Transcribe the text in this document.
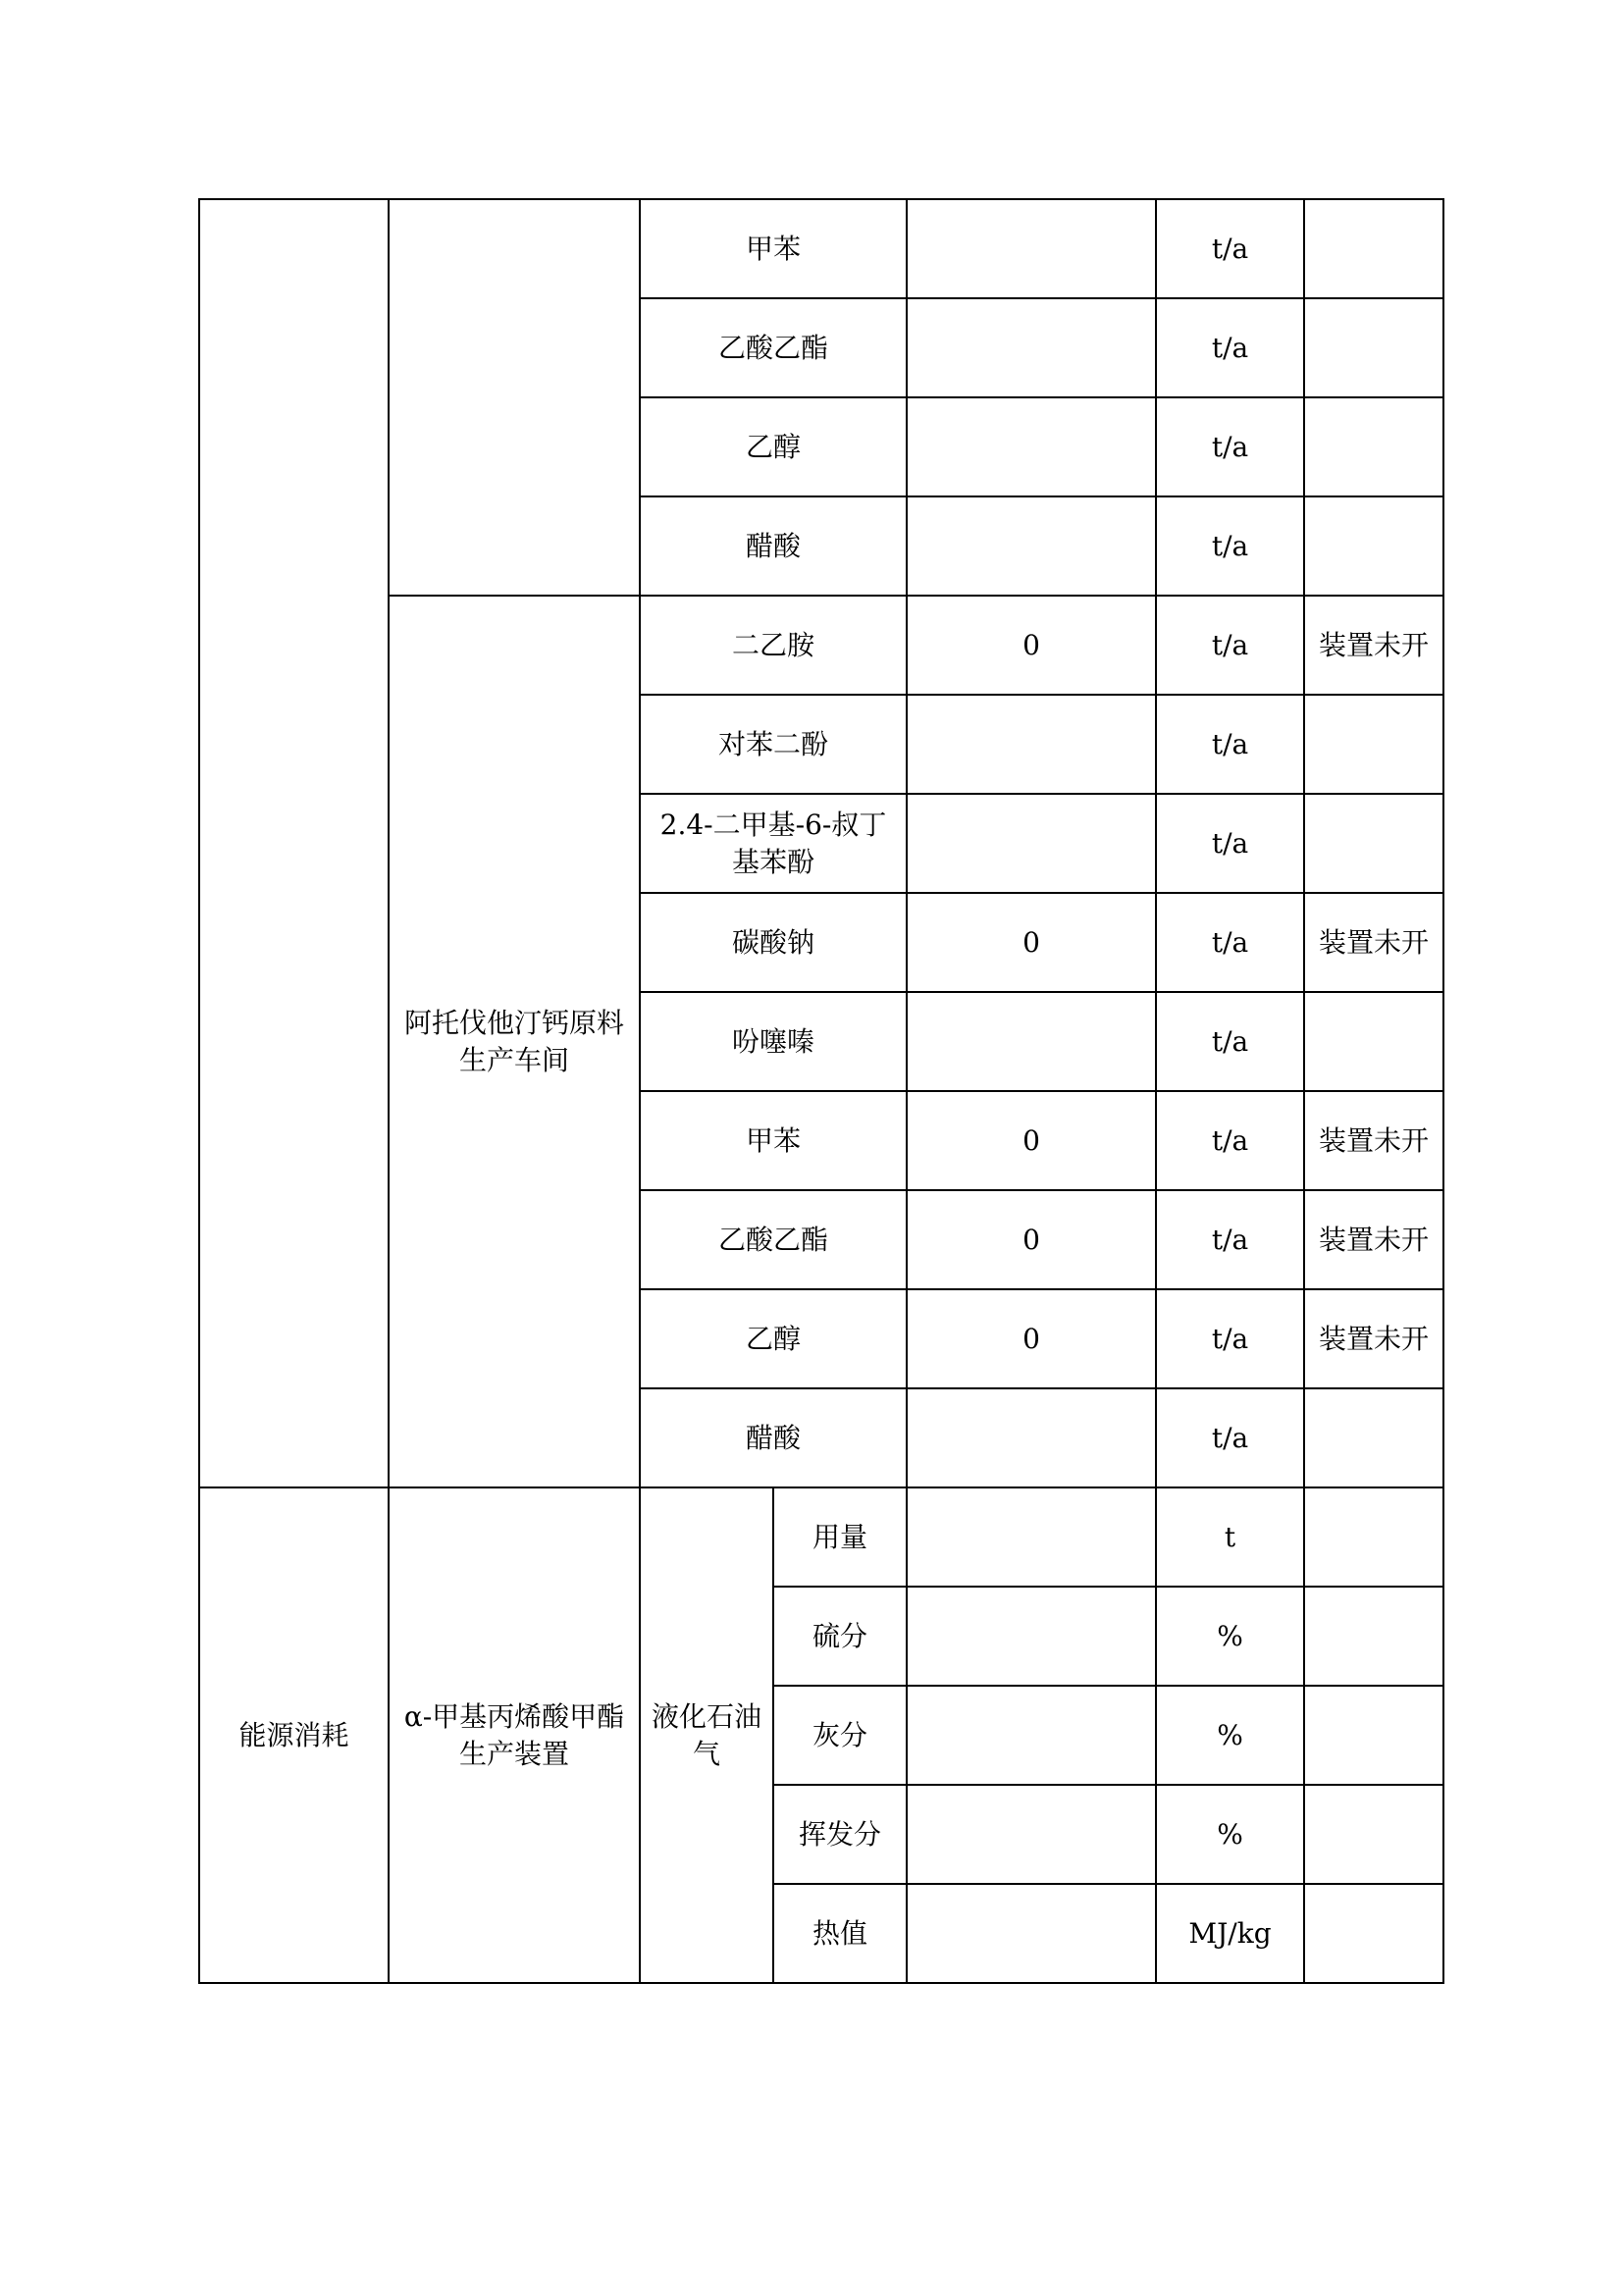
		甲苯			t/a	
		乙酸乙酯			t/a	
		乙醇			t/a	
		醋酸			t/a	
	阿托伐他汀钙原料生产车间	二乙胺		0	t/a	装置未开
		对苯二酚			t/a	
		2.4-二甲基-6-叔丁基苯酚			t/a	
		碳酸钠		0	t/a	装置未开
		吩噻嗪			t/a	
		甲苯		0	t/a	装置未开
		乙酸乙酯		0	t/a	装置未开
		乙醇		0	t/a	装置未开
		醋酸			t/a	
能源消耗	α-甲基丙烯酸甲酯生产装置	液化石油气	用量		t	
			硫分		%	
			灰分		%	
			挥发分		%	
			热值		MJ/kg	
